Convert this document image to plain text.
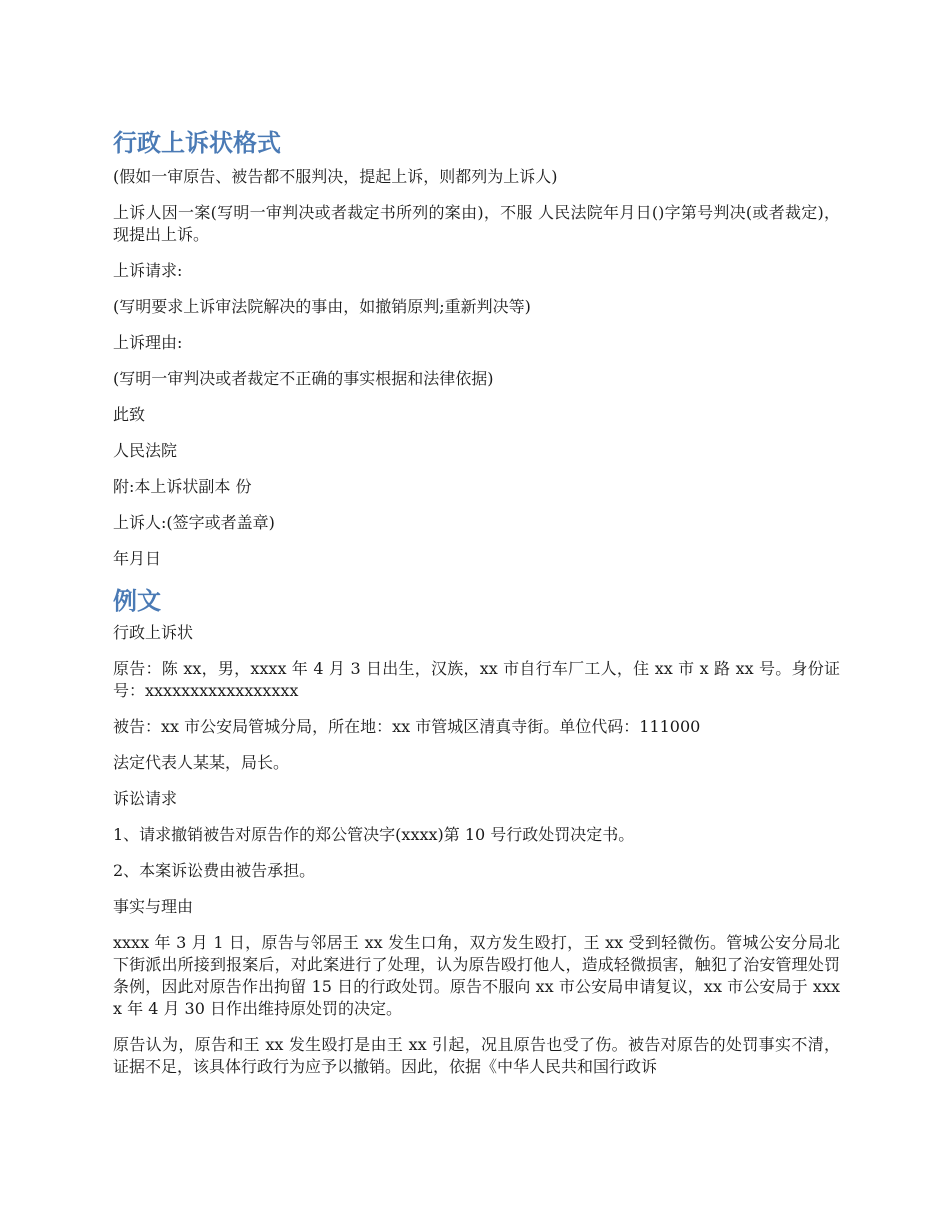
行政上诉状格式

(假如一审原告、被告都不服判决，提起上诉，则都列为上诉人)

上诉人因一案(写明一审判决或者裁定书所列的案由)，不服 人民法院年月日()字第号判决(或者裁定)，现提出上诉。

上诉请求:

(写明要求上诉审法院解决的事由，如撤销原判;重新判决等)

上诉理由:

(写明一审判决或者裁定不正确的事实根据和法律依据)

此致

人民法院

附:本上诉状副本 份

上诉人:(签字或者盖章)

年月日

例文

行政上诉状

原告：陈 xx，男，xxxx 年 4 月 3 日出生，汉族，xx 市自行车厂工人，住 xx 市 x 路 xx 号。身份证号：xxxxxxxxxxxxxxxxx

被告：xx 市公安局管城分局，所在地：xx 市管城区清真寺街。单位代码：111000

法定代表人某某，局长。

诉讼请求

1、请求撤销被告对原告作的郑公管决字(xxxx)第 10 号行政处罚决定书。

2、本案诉讼费由被告承担。

事实与理由

xxxx 年 3 月 1 日，原告与邻居王 xx 发生口角，双方发生殴打，王 xx 受到轻微伤。管城公安分局北下街派出所接到报案后，对此案进行了处理，认为原告殴打他人，造成轻微损害，触犯了治安管理处罚条例，因此对原告作出拘留 15 日的行政处罚。原告不服向 xx 市公安局申请复议，xx 市公安局于 xxxx 年 4 月 30 日作出维持原处罚的决定。

原告认为，原告和王 xx 发生殴打是由王 xx 引起，况且原告也受了伤。被告对原告的处罚事实不清，证据不足，该具体行政行为应予以撤销。因此，依据《中华人民共和国行政诉
